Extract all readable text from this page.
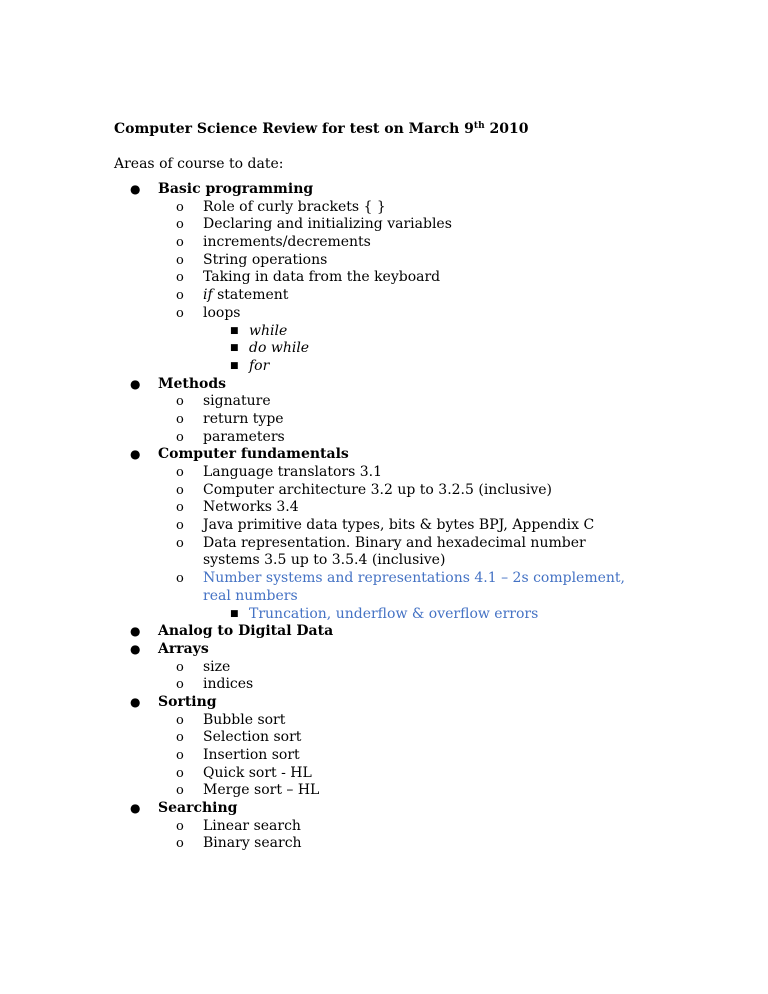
Computer Science Review for test on March 9th 2010
Areas of course to date:
● Basic programming
o Role of curly brackets { }
o Declaring and initializing variables
o increments/decrements
o String operations
o Taking in data from the keyboard
o if statement
o loops
■ while
■ do while
■ for
● Methods
o signature
o return type
o parameters
● Computer fundamentals
o Language translators 3.1
o Computer architecture 3.2 up to 3.2.5 (inclusive)
o Networks 3.4
o Java primitive data types, bits & bytes BPJ, Appendix C
o Data representation. Binary and hexadecimal number systems 3.5 up to 3.5.4 (inclusive)
o Number systems and representations 4.1 – 2s complement, real numbers
■ Truncation, underflow & overflow errors
● Analog to Digital Data
● Arrays
o size
o indices
● Sorting
o Bubble sort
o Selection sort
o Insertion sort
o Quick sort - HL
o Merge sort – HL
● Searching
o Linear search
o Binary search
